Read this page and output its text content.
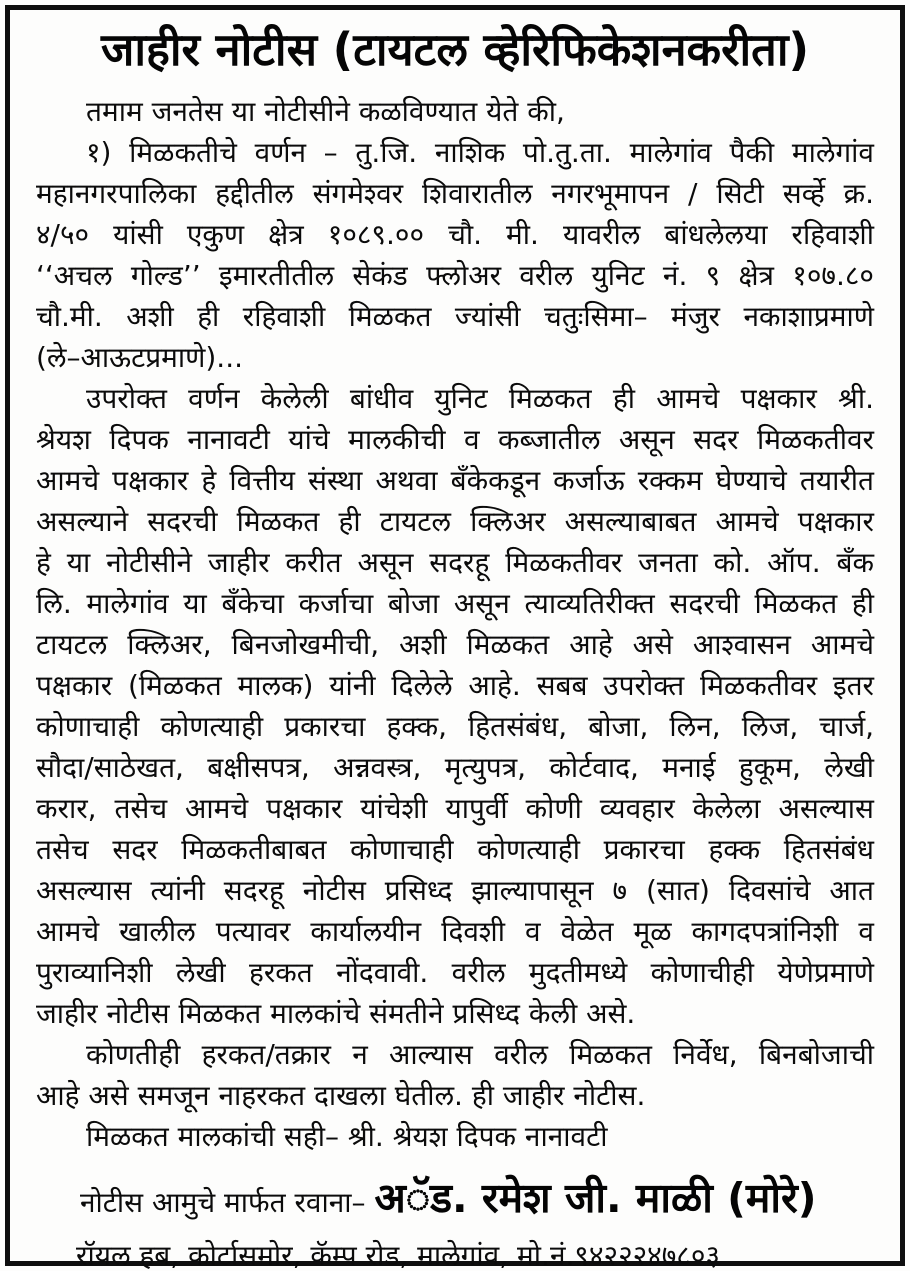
जाहीर नोटीस (टायटल व्हेरिफिकेशनकरीता)
तमाम जनतेस या नोटीसीने कळविण्यात येते की,
१) मिळकतीचे वर्णन – तु.जि. नाशिक पो.तु.ता. मालेगांव पैकी मालेगांव
महानगरपालिका हद्दीतील संगमेश्वर शिवारातील नगरभूमापन / सिटी सर्व्हे क्र.
४/५० यांसी एकुण क्षेत्र १०८९.०० चौ. मी. यावरील बांधलेलया रहिवाशी
‘‘अचल गोल्ड’’ इमारतीतील सेकंड फ्लोअर वरील युनिट नं. ९ क्षेत्र १०७.८०
चौ.मी. अशी ही रहिवाशी मिळकत ज्यांसी चतुःसिमा– मंजुर नकाशाप्रमाणे
(ले–आऊटप्रमाणे)...
उपरोक्त वर्णन केलेली बांधीव युनिट मिळकत ही आमचे पक्षकार श्री.
श्रेयश दिपक नानावटी यांचे मालकीची व कब्जातील असून सदर मिळकतीवर
आमचे पक्षकार हे वित्तीय संस्था अथवा बँकेकडून कर्जाऊ रक्कम घेण्याचे तयारीत
असल्याने सदरची मिळकत ही टायटल क्लिअर असल्याबाबत आमचे पक्षकार
हे या नोटीसीने जाहीर करीत असून सदरहू मिळकतीवर जनता को. ऑप. बँक
लि. मालेगांव या बँकेचा कर्जाचा बोजा असून त्याव्यतिरीक्त सदरची मिळकत ही
टायटल क्लिअर, बिनजोखमीची, अशी मिळकत आहे असे आश्वासन आमचे
पक्षकार (मिळकत मालक) यांनी दिलेले आहे. सबब उपरोक्त मिळकतीवर इतर
कोणाचाही कोणत्याही प्रकारचा हक्क, हितसंबंध, बोजा, लिन, लिज, चार्ज,
सौदा/साठेखत, बक्षीसपत्र, अन्नवस्त्र, मृत्युपत्र, कोर्टवाद, मनाई हुकूम, लेखी
करार, तसेच आमचे पक्षकार यांचेशी यापुर्वी कोणी व्यवहार केलेला असल्यास
तसेच सदर मिळकतीबाबत कोणाचाही कोणत्याही प्रकारचा हक्क हितसंबंध
असल्यास त्यांनी सदरहू नोटीस प्रसिध्द झाल्यापासून ७ (सात) दिवसांचे आत
आमचे खालील पत्यावर कार्यालयीन दिवशी व वेळेत मूळ कागदपत्रांनिशी व
पुराव्यानिशी लेखी हरकत नोंदवावी. वरील मुदतीमध्ये कोणाचीही येणेप्रमाणे
जाहीर नोटीस मिळकत मालकांचे संमतीने प्रसिध्द केली असे.
कोणतीही हरकत/तक्रार न आल्यास वरील मिळकत निर्वेध, बिनबोजाची
आहे असे समजून नाहरकत दाखला घेतील. ही जाहीर नोटीस.
मिळकत मालकांची सही– श्री. श्रेयश दिपक नानावटी
नोटीस आमुचे मार्फत रवाना– अॅड. रमेश जी. माळी (मोरे)
रॉयल हब, कोर्टासमोर, कॅम्प रोड, मालेगांव, मो.नं.९४२२२४७८०३
